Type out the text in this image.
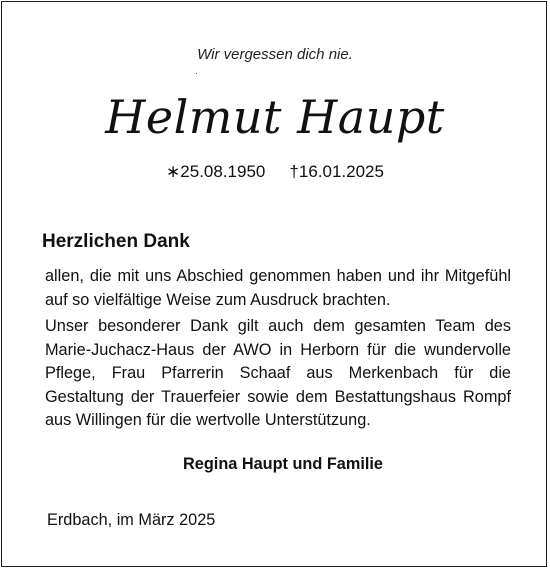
Wir vergessen dich nie.
·
Helmut Haupt
∗25.08.1950 †16.01.2025
Herzlichen Dank
allen, die mit uns Abschied genommen haben und ihr Mitgefühl auf so vielfältige Weise zum Ausdruck brachten.
Unser besonderer Dank gilt auch dem gesamten Team des Marie-Juchacz-Haus der AWO in Herborn für die wundervolle Pflege, Frau Pfarrerin Schaaf aus Merkenbach für die Gestaltung der Trauerfeier sowie dem Bestattungshaus Rompf aus Willingen für die wertvolle Unterstützung.
Regina Haupt und Familie
Erdbach, im März 2025
